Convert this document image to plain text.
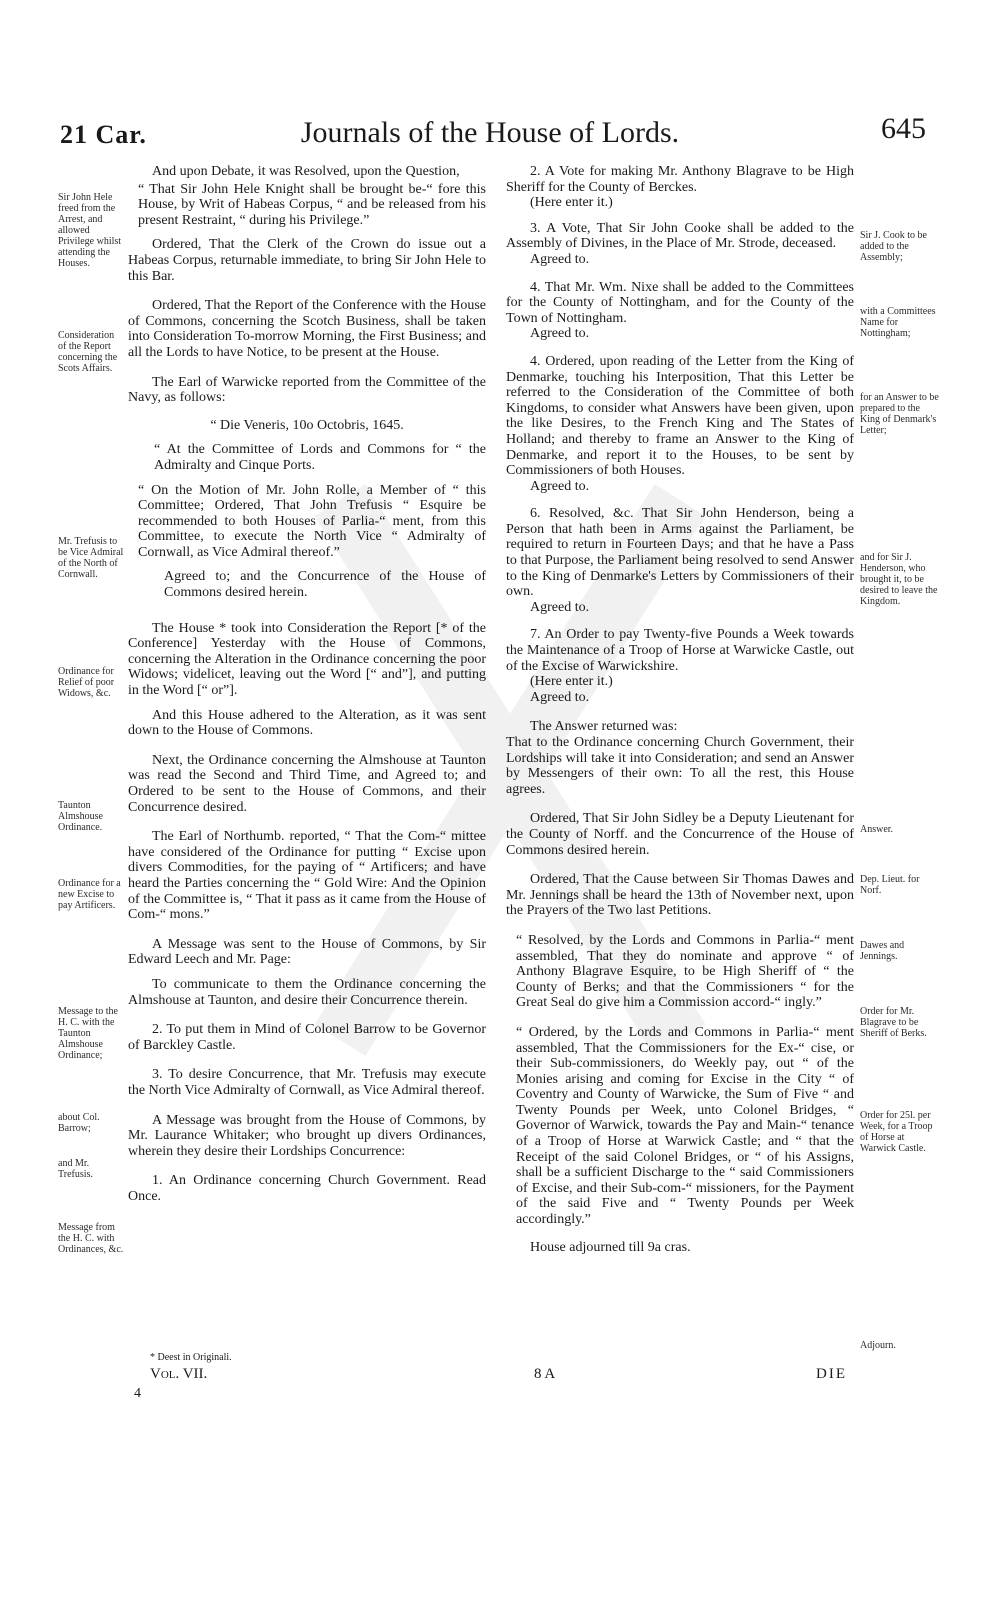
21 Car.	Journals of the House of Lords.	645

And upon Debate, it was Resolved, upon the Question,

“ That Sir John Hele Knight shall be brought be-“ fore this House, by Writ of Habeas Corpus, “ and be released from his present Restraint, “ during his Privilege.”

Ordered, That the Clerk of the Crown do issue out a Habeas Corpus, returnable immediate, to bring Sir John Hele to this Bar.

Ordered, That the Report of the Conference with the House of Commons, concerning the Scotch Business, shall be taken into Consideration To-morrow Morning, the First Business; and all the Lords to have Notice, to be present at the House.

The Earl of Warwicke reported from the Committee of the Navy, as follows:

“ Die Veneris, 10o Octobris, 1645.

“ At the Committee of Lords and Commons for “ the Admiralty and Cinque Ports.

“ On the Motion of Mr. John Rolle, a Member of “ this Committee; Ordered, That John Trefusis “ Esquire be recommended to both Houses of Parlia-“ ment, from this Committee, to execute the North Vice “ Admiralty of Cornwall, as Vice Admiral thereof.”

Agreed to; and the Concurrence of the House of Commons desired herein.

The House * took into Consideration the Report [* of the Conference] Yesterday with the House of Commons, concerning the Alteration in the Ordinance concerning the poor Widows; videlicet, leaving out the Word [“ and”], and putting in the Word [“ or”].

And this House adhered to the Alteration, as it was sent down to the House of Commons.

Next, the Ordinance concerning the Almshouse at Taunton was read the Second and Third Time, and Agreed to; and Ordered to be sent to the House of Commons, and their Concurrence desired.

The Earl of Northumb. reported, “ That the Com-“ mittee have considered of the Ordinance for putting “ Excise upon divers Commodities, for the paying of “ Artificers; and have heard the Parties concerning the “ Gold Wire: And the Opinion of the Committee is, “ That it pass as it came from the House of Com-“ mons.”

A Message was sent to the House of Commons, by Sir Edward Leech and Mr. Page:

To communicate to them the Ordinance concerning the Almshouse at Taunton, and desire their Concurrence therein.

2. To put them in Mind of Colonel Barrow to be Governor of Barckley Castle.

3. To desire Concurrence, that Mr. Trefusis may execute the North Vice Admiralty of Cornwall, as Vice Admiral thereof.

A Message was brought from the House of Commons, by Mr. Laurance Whitaker; who brought up divers Ordinances, wherein they desire their Lordships Concurrence:

1. An Ordinance concerning Church Government. Read Once.

2. A Vote for making Mr. Anthony Blagrave to be High Sheriff for the County of Berckes.

(Here enter it.)

3. A Vote, That Sir John Cooke shall be added to the Assembly of Divines, in the Place of Mr. Strode, deceased.

Agreed to.

4. That Mr. Wm. Nixe shall be added to the Committees for the County of Nottingham, and for the County of the Town of Nottingham.

Agreed to.

4. Ordered, upon reading of the Letter from the King of Denmarke, touching his Interposition, That this Letter be referred to the Consideration of the Committee of both Kingdoms, to consider what Answers have been given, upon the like Desires, to the French King and The States of Holland; and thereby to frame an Answer to the King of Denmarke, and report it to the Houses, to be sent by Commissioners of both Houses.

Agreed to.

6. Resolved, &c. That Sir John Henderson, being a Person that hath been in Arms against the Parliament, be required to return in Fourteen Days; and that he have a Pass to that Purpose, the Parliament being resolved to send Answer to the King of Denmarke's Letters by Commissioners of their own.

Agreed to.

7. An Order to pay Twenty-five Pounds a Week towards the Maintenance of a Troop of Horse at Warwicke Castle, out of the Excise of Warwickshire.

(Here enter it.)

Agreed to.

The Answer returned was:

That to the Ordinance concerning Church Government, their Lordships will take it into Consideration; and send an Answer by Messengers of their own: To all the rest, this House agrees.

Ordered, That Sir John Sidley be a Deputy Lieutenant for the County of Norff. and the Concurrence of the House of Commons desired herein.

Ordered, That the Cause between Sir Thomas Dawes and Mr. Jennings shall be heard the 13th of November next, upon the Prayers of the Two last Petitions.

“ Resolved, by the Lords and Commons in Parlia-“ ment assembled, That they do nominate and approve “ of Anthony Blagrave Esquire, to be High Sheriff of “ the County of Berks; and that the Commissioners “ for the Great Seal do give him a Commission accord-“ ingly.”

“ Ordered, by the Lords and Commons in Parlia-“ ment assembled, That the Commissioners for the Ex-“ cise, or their Sub-commissioners, do Weekly pay, out “ of the Monies arising and coming for Excise in the City “ of Coventry and County of Warwicke, the Sum of Five “ and Twenty Pounds per Week, unto Colonel Bridges, “ Governor of Warwick, towards the Pay and Main-“ tenance of a Troop of Horse at Warwick Castle; and “ that the Receipt of the said Colonel Bridges, or “ of his Assigns, shall be a sufficient Discharge to the “ said Commissioners of Excise, and their Sub-com-“ missioners, for the Payment of the said Five and “ Twenty Pounds per Week accordingly.”

House adjourned till 9a cras.

Sir John Hele freed from the Arrest, and allowed Privilege whilst attending the Houses.
Consideration of the Report concerning the Scots Affairs.
Mr. Trefusis to be Vice Admiral of the North of Cornwall.
Ordinance for Relief of poor Widows, &c.
Taunton Almshouse Ordinance.
Ordinance for a new Excise to pay Artificers.
Message to the H. C. with the Taunton Almshouse Ordinance;
about Col. Barrow;
and Mr. Trefusis.
Message from the H. C. with Ordinances, &c.
Sir J. Cook to be added to the Assembly;
with a Committees Name for Nottingham;
for an Answer to be prepared to the King of Denmark's Letter;
and for Sir J. Henderson, who brought it, to be desired to leave the Kingdom.
Answer.
Dep. Lieut. for Norf.
Dawes and Jennings.
Order for Mr. Blagrave to be Sheriff of Berks.
Order for 25l. per Week, for a Troop of Horse at Warwick Castle.
Adjourn.
* Deest in Originali.
Vol. VII.	8 A	DIE
4
